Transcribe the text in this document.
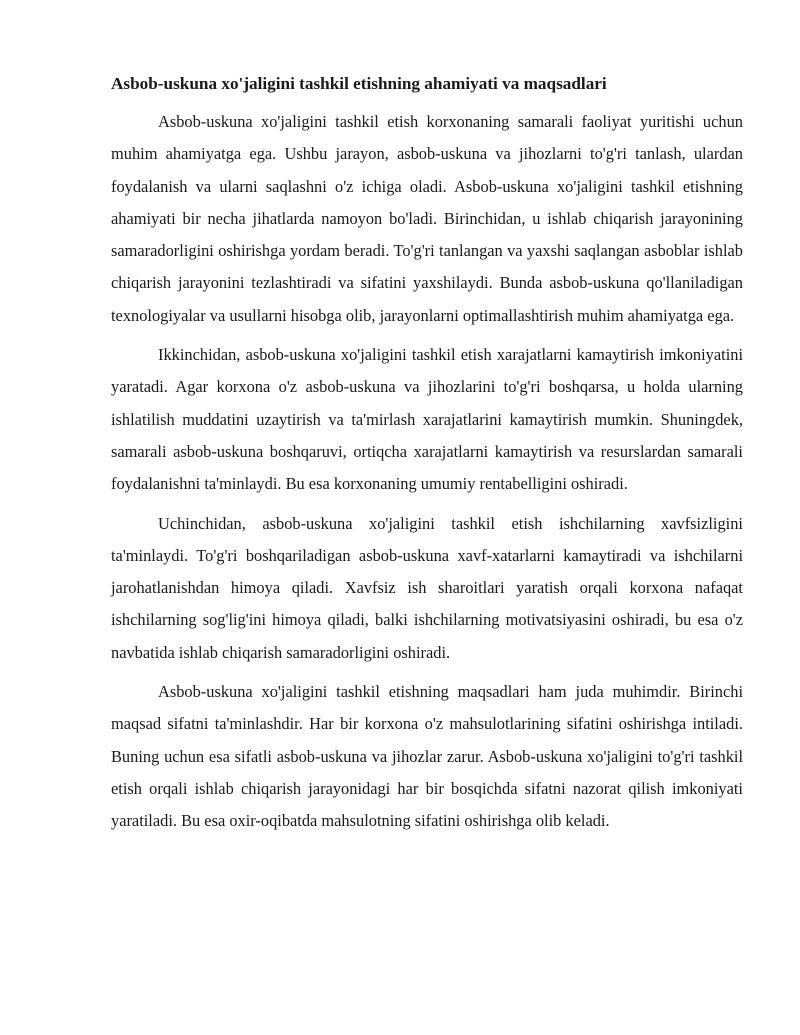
Asbob-uskuna xo'jaligini tashkil etishning ahamiyati va maqsadlari

Asbob-uskuna xo'jaligini tashkil etish korxonaning samarali faoliyat yuritishi uchun muhim ahamiyatga ega. Ushbu jarayon, asbob-uskuna va jihozlarni to'g'ri tanlash, ulardan foydalanish va ularni saqlashni o'z ichiga oladi. Asbob-uskuna xo'jaligini tashkil etishning ahamiyati bir necha jihatlarda namoyon bo'ladi. Birinchidan, u ishlab chiqarish jarayonining samaradorligini oshirishga yordam beradi. To'g'ri tanlangan va yaxshi saqlangan asboblar ishlab chiqarish jarayonini tezlashtiradi va sifatini yaxshilaydi. Bunda asbob-uskuna qo'llaniladigan texnologiyalar va usullarni hisobga olib, jarayonlarni optimallashtirish muhim ahamiyatga ega.

Ikkinchidan, asbob-uskuna xo'jaligini tashkil etish xarajatlarni kamaytirish imkoniyatini yaratadi. Agar korxona o'z asbob-uskuna va jihozlarini to'g'ri boshqarsa, u holda ularning ishlatilish muddatini uzaytirish va ta'mirlash xarajatlarini kamaytirish mumkin. Shuningdek, samarali asbob-uskuna boshqaruvi, ortiqcha xarajatlarni kamaytirish va resurslardan samarali foydalanishni ta'minlaydi. Bu esa korxonaning umumiy rentabelligini oshiradi.

Uchinchidan, asbob-uskuna xo'jaligini tashkil etish ishchilarning xavfsizligini ta'minlaydi. To'g'ri boshqariladigan asbob-uskuna xavf-xatarlarni kamaytiradi va ishchilarni jarohatlanishdan himoya qiladi. Xavfsiz ish sharoitlari yaratish orqali korxona nafaqat ishchilarning sog'lig'ini himoya qiladi, balki ishchilarning motivatsiyasini oshiradi, bu esa o'z navbatida ishlab chiqarish samaradorligini oshiradi.

Asbob-uskuna xo'jaligini tashkil etishning maqsadlari ham juda muhimdir. Birinchi maqsad sifatni ta'minlashdir. Har bir korxona o'z mahsulotlarining sifatini oshirishga intiladi. Buning uchun esa sifatli asbob-uskuna va jihozlar zarur. Asbob-uskuna xo'jaligini to'g'ri tashkil etish orqali ishlab chiqarish jarayonidagi har bir bosqichda sifatni nazorat qilish imkoniyati yaratiladi. Bu esa oxir-oqibatda mahsulotning sifatini oshirishga olib keladi.
